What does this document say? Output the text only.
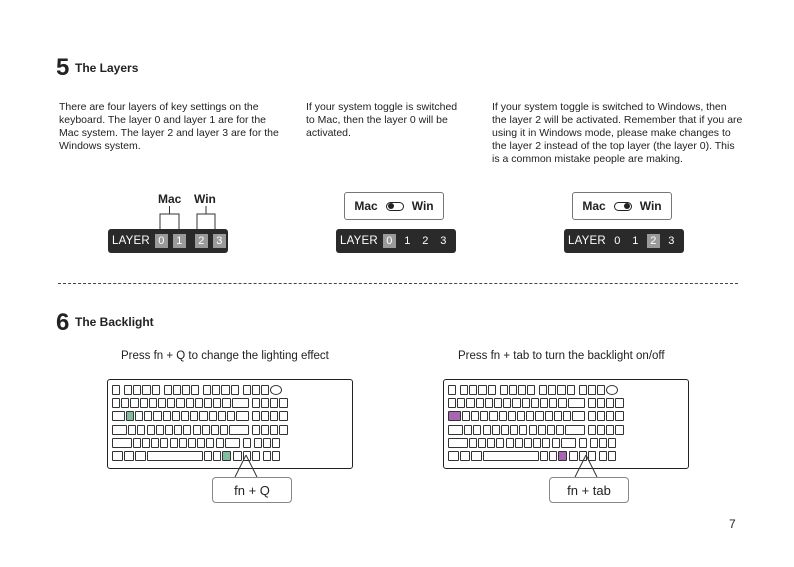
5 The Layers
There are four layers of key settings on the keyboard. The layer 0 and layer 1 are for the Mac system. The layer 2 and layer 3 are for the Windows system.
If your system toggle is switched to Mac, then the layer 0 will be activated.
If your system toggle is switched to Windows, then the layer 2 will be activated. Remember that if you are using it in Windows mode, please make changes to the layer 2 instead of the top layer (the layer 0). This is a common mistake people are making.
Mac Win
LAYER 0	1	2	3
Mac	Win
LAYER 0	1	2	3
Mac	Win
LAYER 0	1	2	3
6 The Backlight
Press fn + Q to change the lighting effect	Press fn + tab to turn the backlight on/off
fn + Q	fn + tab
7
